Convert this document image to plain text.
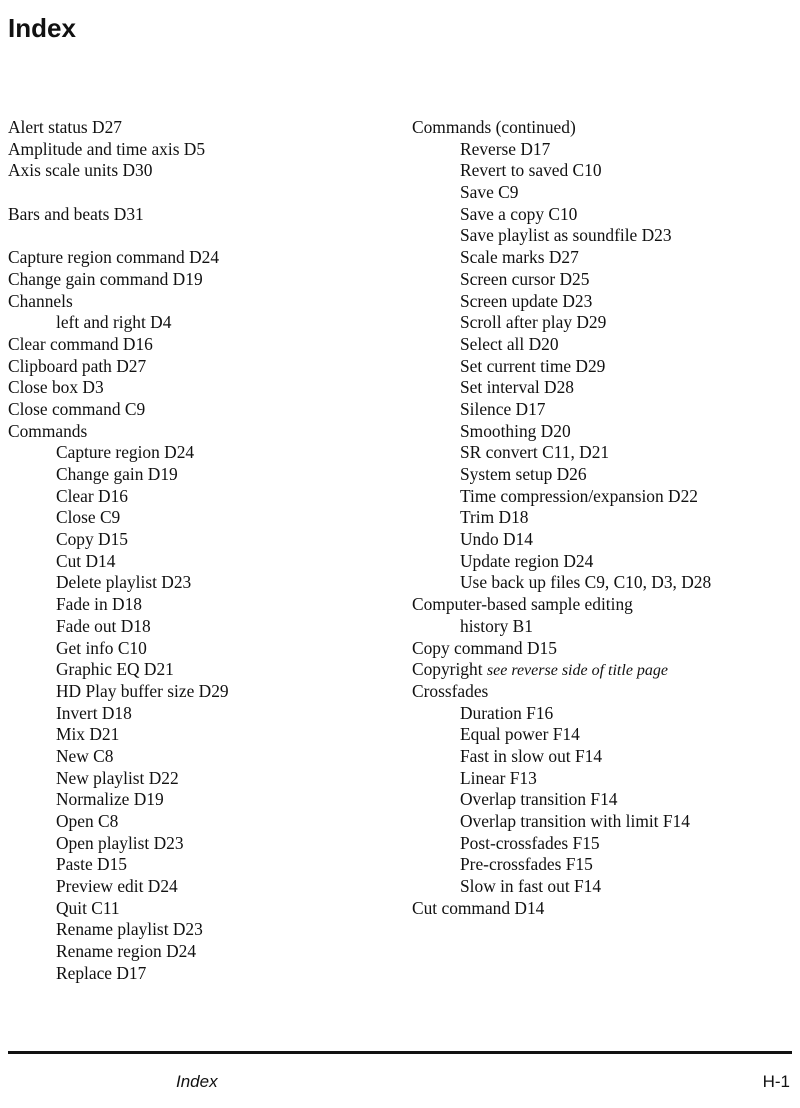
Index
Alert status D27
Amplitude and time axis D5
Axis scale units D30
Bars and beats D31
Capture region command D24
Change gain command D19
Channels
left and right D4
Clear command D16
Clipboard path D27
Close box D3
Close command C9
Commands
Capture region D24
Change gain D19
Clear D16
Close C9
Copy D15
Cut D14
Delete playlist D23
Fade in D18
Fade out D18
Get info C10
Graphic EQ D21
HD Play buffer size D29
Invert D18
Mix D21
New C8
New playlist D22
Normalize D19
Open C8
Open playlist D23
Paste D15
Preview edit D24
Quit C11
Rename playlist D23
Rename region D24
Replace D17
Commands (continued)
Reverse D17
Revert to saved C10
Save C9
Save a copy C10
Save playlist as soundfile D23
Scale marks D27
Screen cursor D25
Screen update D23
Scroll after play D29
Select all D20
Set current time D29
Set interval D28
Silence D17
Smoothing D20
SR convert C11, D21
System setup D26
Time compression/expansion D22
Trim D18
Undo D14
Update region D24
Use back up files C9, C10, D3, D28
Computer-based sample editing
history B1
Copy command D15
Copyright see reverse side of title page
Crossfades
Duration F16
Equal power F14
Fast in slow out F14
Linear F13
Overlap transition F14
Overlap transition with limit F14
Post-crossfades F15
Pre-crossfades F15
Slow in fast out F14
Cut command D14
Index	H-1
